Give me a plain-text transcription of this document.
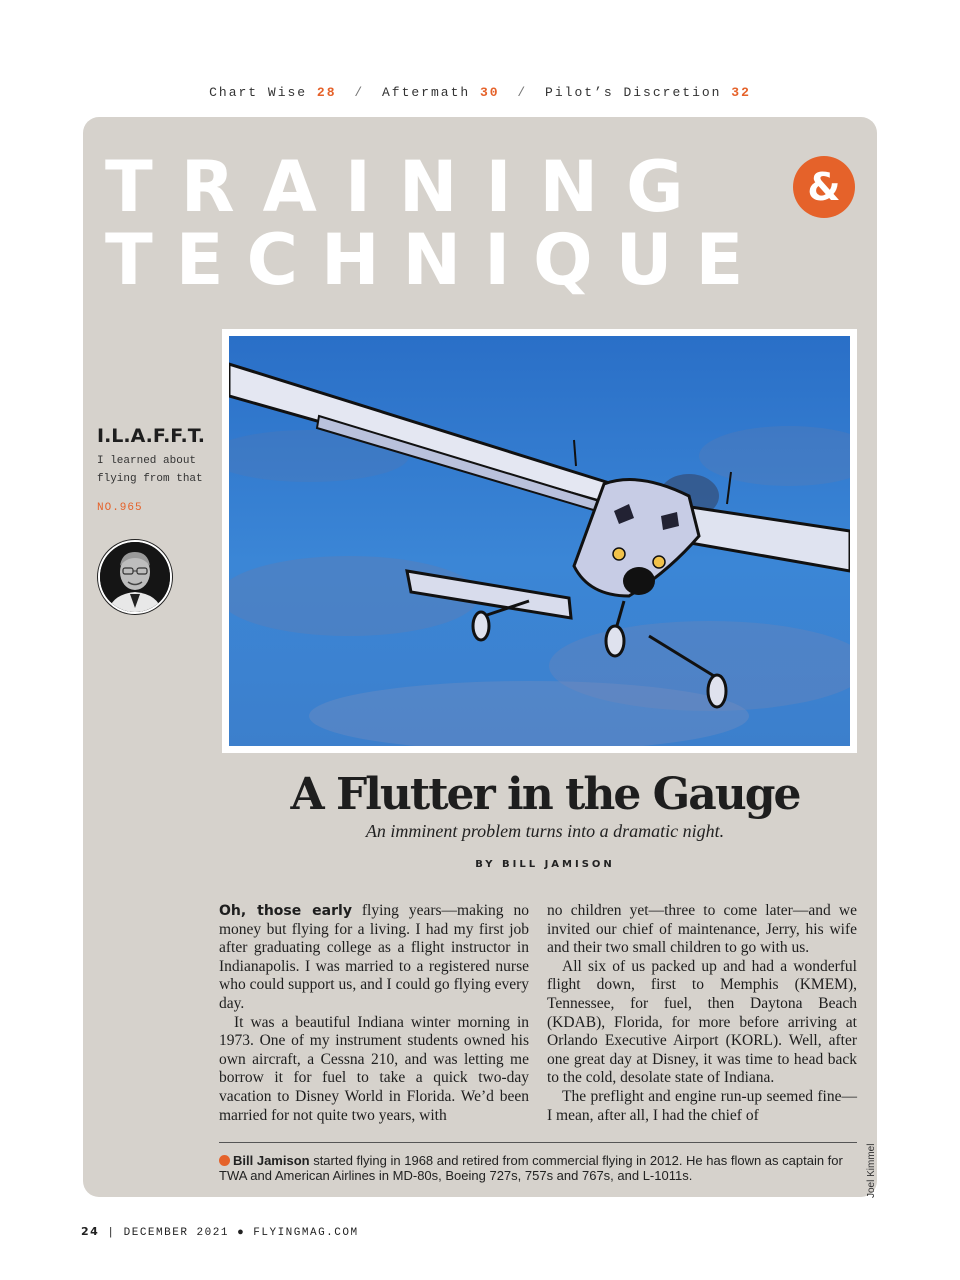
Chart Wise 28 / Aftermath 30 / Pilot’s Discretion 32
TRAINING	&
TECHNIQUE
I.L.A.F.F.T.
I learned about flying from that
NO.965
A Flutter in the Gauge
An imminent problem turns into a dramatic night.
BY BILL JAMISON

Oh, those early flying years—making no money but flying for a living. I had my first job after graduating college as a flight instructor in Indianapolis. I was married to a registered nurse who could support us, and I could go flying every day.

It was a beautiful Indiana winter morning in 1973. One of my instrument students owned his own aircraft, a Cessna 210, and was letting me borrow it for fuel to take a quick two-day vacation to Disney World in Florida. We’d been married for not quite two years, with

no children yet—three to come later—and we invited our chief of maintenance, Jerry, his wife and their two small children to go with us.

All six of us packed up and had a wonderful flight down, first to Memphis (KMEM), Tennessee, for fuel, then Daytona Beach (KDAB), Florida, for more before arriving at Orlando Executive Airport (KORL). Well, after one great day at Disney, it was time to head back to the cold, desolate state of Indiana.

The preflight and engine run-up seemed fine—I mean, after all, I had the chief of

Bill Jamison started flying in 1968 and retired from commercial flying in 2012. He has flown as captain for TWA and American Airlines in MD-80s, Boeing 727s, 757s and 767s, and L-1011s.	Joel Kimmel
24 | DECEMBER 2021 ● FLYINGMAG.COM
